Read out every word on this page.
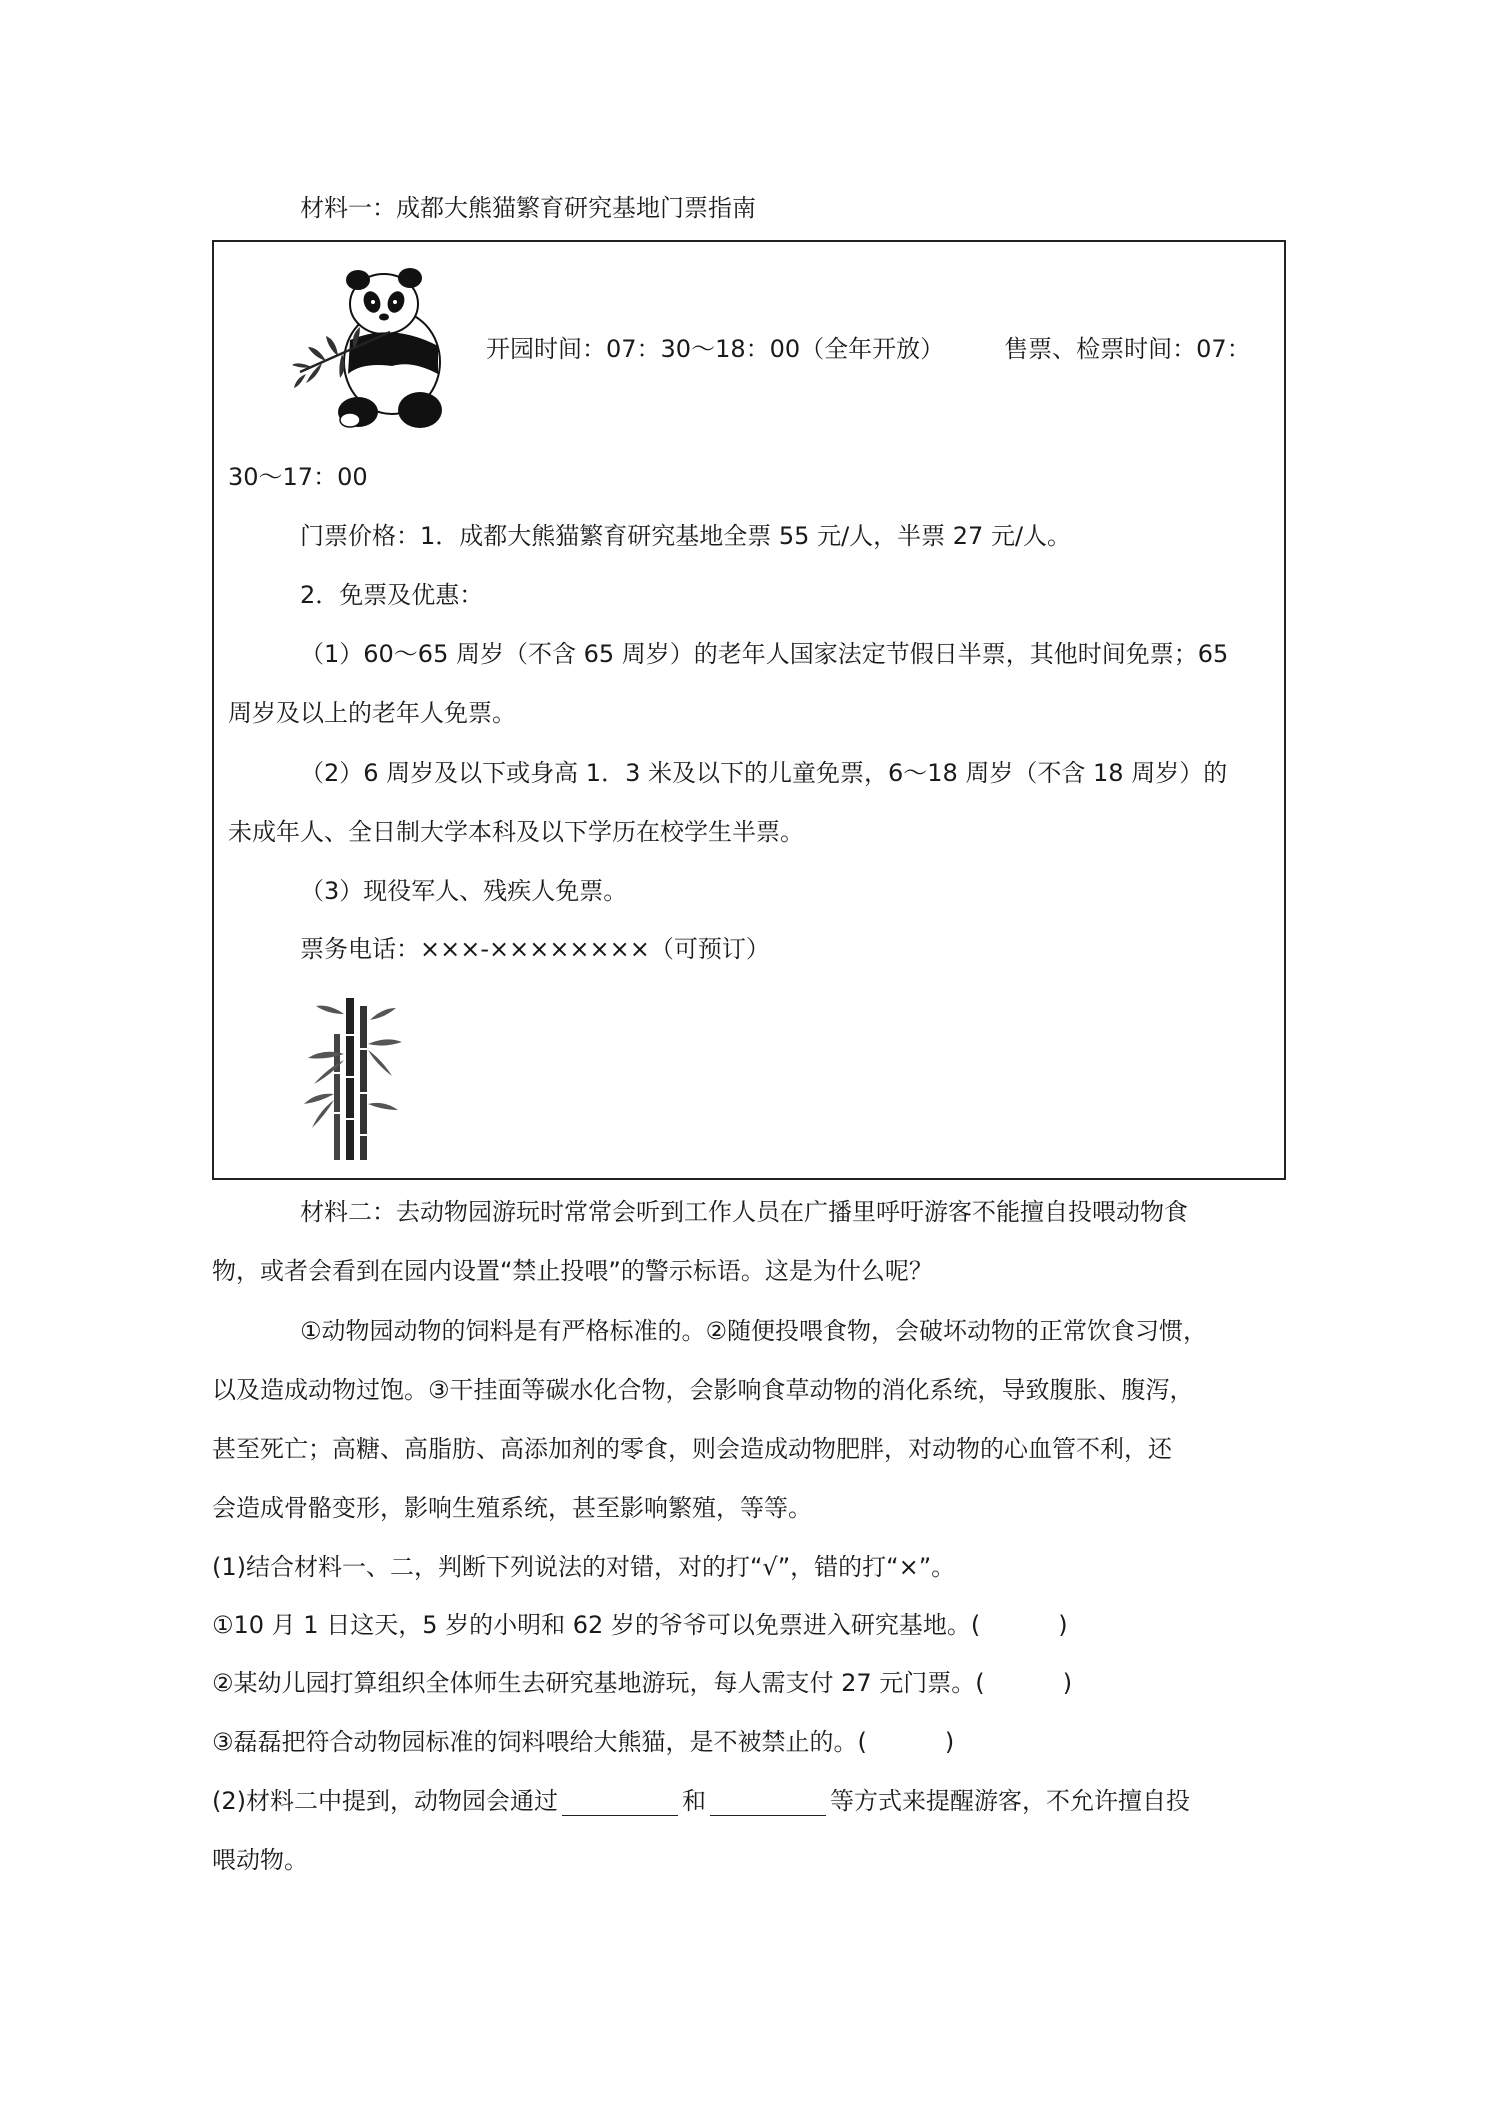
材料一：成都大熊猫繁育研究基地门票指南
开园时间：07：30～18：00（全年开放）　　　售票、检票时间：07：
30～17：00
门票价格：1．成都大熊猫繁育研究基地全票 55 元/人，半票 27 元/人。
2．免票及优惠：
（1）60～65 周岁（不含 65 周岁）的老年人国家法定节假日半票，其他时间免票；65
周岁及以上的老年人免票。
（2）6 周岁及以下或身高 1．3 米及以下的儿童免票，6～18 周岁（不含 18 周岁）的
未成年人、全日制大学本科及以下学历在校学生半票。
（3）现役军人、残疾人免票。
票务电话：×××-××××××××（可预订）
材料二：去动物园游玩时常常会听到工作人员在广播里呼吁游客不能擅自投喂动物食
物，或者会看到在园内设置“禁止投喂”的警示标语。这是为什么呢？
①动物园动物的饲料是有严格标准的。②随便投喂食物，会破坏动物的正常饮食习惯，
以及造成动物过饱。③干挂面等碳水化合物，会影响食草动物的消化系统，导致腹胀、腹泻，
甚至死亡；高糖、高脂肪、高添加剂的零食，则会造成动物肥胖，对动物的心血管不利，还
会造成骨骼变形，影响生殖系统，甚至影响繁殖，等等。
(1)结合材料一、二，判断下列说法的对错，对的打“√”，错的打“×”。
①10 月 1 日这天，5 岁的小明和 62 岁的爷爷可以免票进入研究基地。(	)
②某幼儿园打算组织全体师生去研究基地游玩，每人需支付 27 元门票。(	)
③磊磊把符合动物园标准的饲料喂给大熊猫，是不被禁止的。(	)
(2)材料二中提到，动物园会通过	和	等方式来提醒游客，不允许擅自投
喂动物。
